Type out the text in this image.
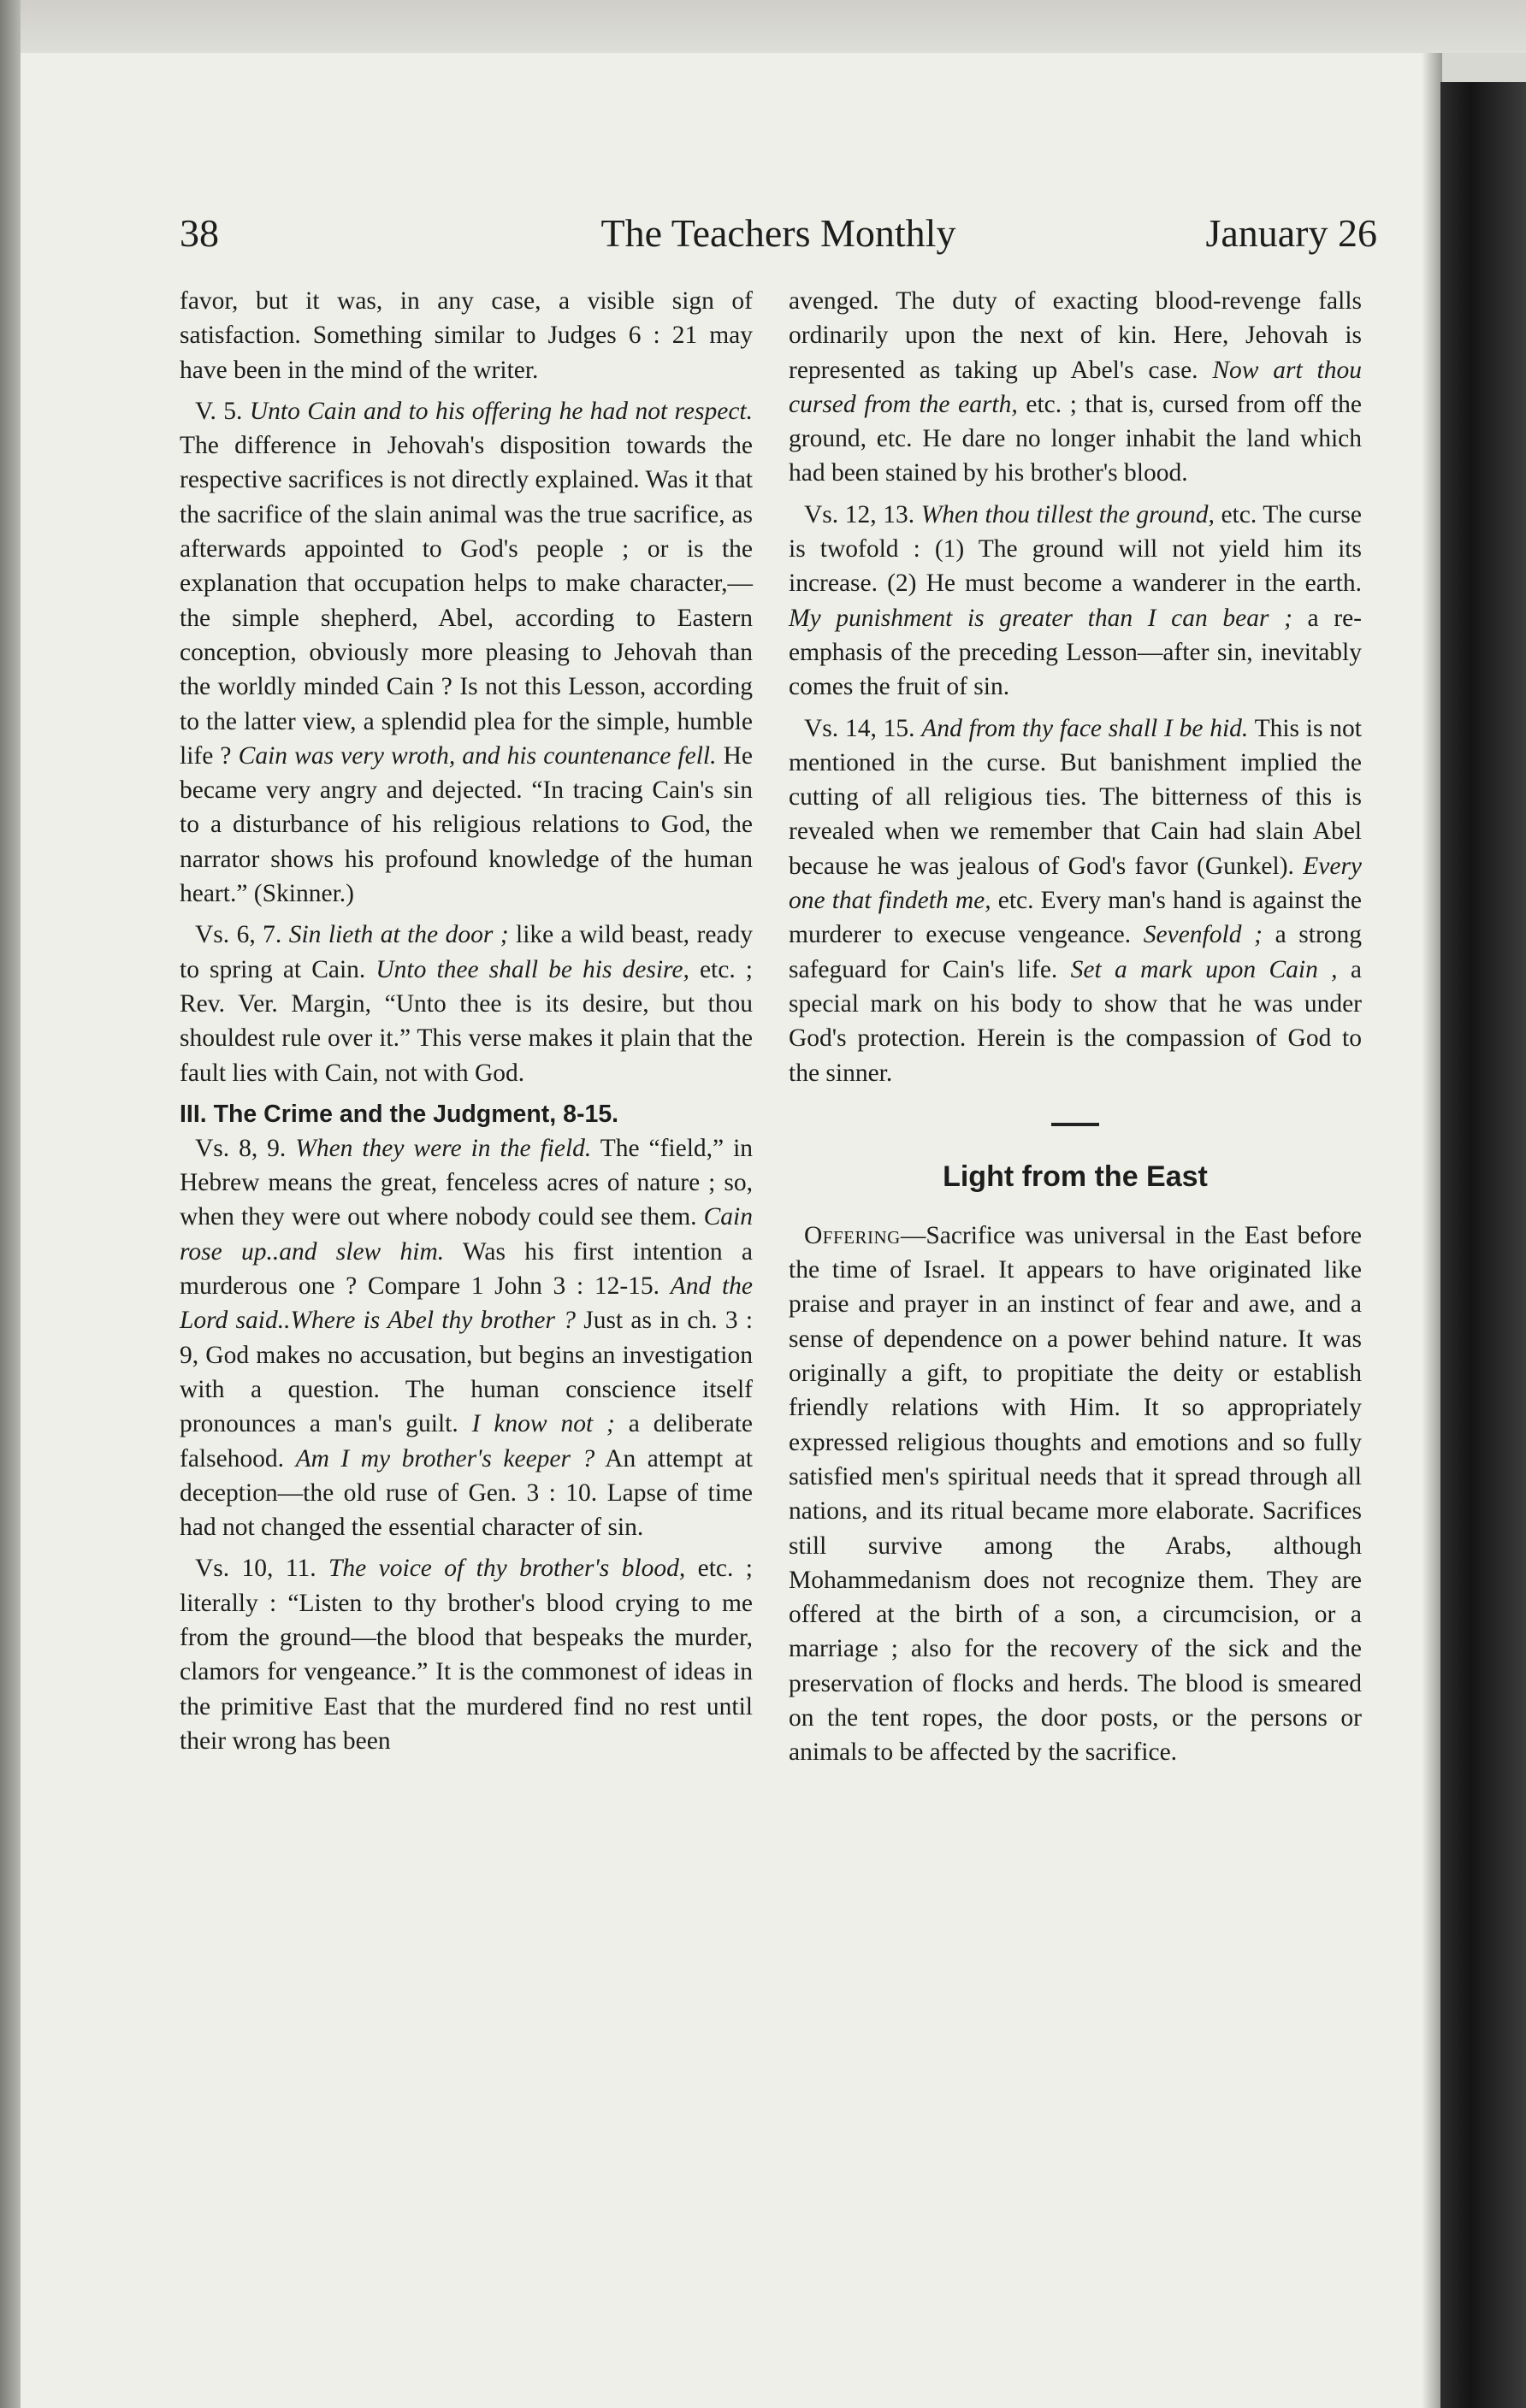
38	The Teachers Monthly	January 26

favor, but it was, in any case, a visible sign of satisfaction. Something similar to Judges 6 : 21 may have been in the mind of the writer.

V. 5. Unto Cain and to his offering he had not respect. The difference in Jehovah's disposition towards the respective sacrifices is not directly explained. Was it that the sacrifice of the slain animal was the true sacrifice, as afterwards appointed to God's people ; or is the explanation that occupation helps to make character,—the simple shepherd, Abel, according to Eastern conception, obviously more pleasing to Jehovah than the worldly minded Cain ? Is not this Lesson, according to the latter view, a splendid plea for the simple, humble life ? Cain was very wroth, and his countenance fell. He became very angry and dejected. “In tracing Cain's sin to a disturbance of his religious relations to God, the narrator shows his profound knowledge of the human heart.” (Skinner.)

Vs. 6, 7. Sin lieth at the door ; like a wild beast, ready to spring at Cain. Unto thee shall be his desire, etc. ; Rev. Ver. Margin, “Unto thee is its desire, but thou shouldest rule over it.” This verse makes it plain that the fault lies with Cain, not with God.

III. The Crime and the Judgment, 8-15.

Vs. 8, 9. When they were in the field. The “field,” in Hebrew means the great, fenceless acres of nature ; so, when they were out where nobody could see them. Cain rose up..and slew him. Was his first intention a murderous one ? Compare 1 John 3 : 12-15. And the Lord said..Where is Abel thy brother ? Just as in ch. 3 : 9, God makes no accusation, but begins an investigation with a question. The human conscience itself pronounces a man's guilt. I know not ; a deliberate falsehood. Am I my brother's keeper ? An attempt at deception—the old ruse of Gen. 3 : 10. Lapse of time had not changed the essential character of sin.

Vs. 10, 11. The voice of thy brother's blood, etc. ; literally : “Listen to thy brother's blood crying to me from the ground—the blood that bespeaks the murder, clamors for vengeance.” It is the commonest of ideas in the primitive East that the murdered find no rest until their wrong has been

avenged. The duty of exacting blood-revenge falls ordinarily upon the next of kin. Here, Jehovah is represented as taking up Abel's case. Now art thou cursed from the earth, etc. ; that is, cursed from off the ground, etc. He dare no longer inhabit the land which had been stained by his brother's blood.

Vs. 12, 13. When thou tillest the ground, etc. The curse is twofold : (1) The ground will not yield him its increase. (2) He must become a wanderer in the earth. My punishment is greater than I can bear ; a re-emphasis of the preceding Lesson—after sin, inevitably comes the fruit of sin.

Vs. 14, 15. And from thy face shall I be hid. This is not mentioned in the curse. But banishment implied the cutting of all religious ties. The bitterness of this is revealed when we remember that Cain had slain Abel because he was jealous of God's favor (Gunkel). Every one that findeth me, etc. Every man's hand is against the murderer to execuse vengeance. Sevenfold ; a strong safeguard for Cain's life. Set a mark upon Cain , a special mark on his body to show that he was under God's protection. Herein is the compassion of God to the sinner.

Light from the East

Offering—Sacrifice was universal in the East before the time of Israel. It appears to have originated like praise and prayer in an instinct of fear and awe, and a sense of dependence on a power behind nature. It was originally a gift, to propitiate the deity or establish friendly relations with Him. It so appropriately expressed religious thoughts and emotions and so fully satisfied men's spiritual needs that it spread through all nations, and its ritual became more elaborate. Sacrifices still survive among the Arabs, although Mohammedanism does not recognize them. They are offered at the birth of a son, a circumcision, or a marriage ; also for the recovery of the sick and the preservation of flocks and herds. The blood is smeared on the tent ropes, the door posts, or the persons or animals to be affected by the sacrifice.
